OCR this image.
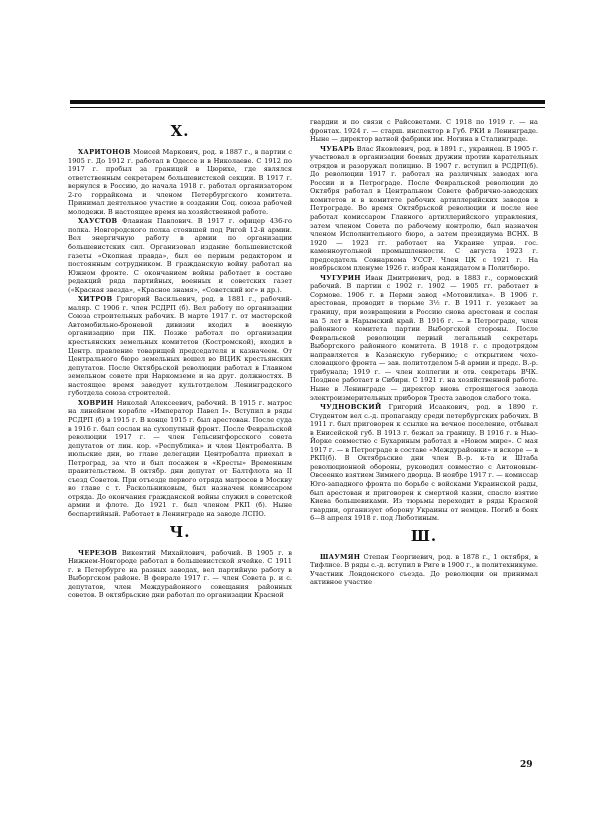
X.

ХАРИТОНОВ Моисей Маркович, род. в 1887 г., в партии с 1905 г. До 1912 г. работал в Одессе и в Николаеве. С 1912 по 1917 г. пробыл за границей в Цюрихе, где являлся ответственным секретарем большевистской секции. В 1917 г. вернулся в Россию, до начала 1918 г. работал организатором 2-го горрайкома и членом Петербургского комитета. Принимал деятельное участие в создании Соц. союза рабочей молодежи. В настоящее время на хозяйственной работе.

ХАУСТОВ Флавиан Павлович. В 1917 г. офицер 436-го полка. Новгородского полка стоявшей под Ригой 12-й армии. Вел энергичную работу в армии по организации большевистских сил. Организовал издание большевистской газеты «Окопная правда», был ее первым редактором и постоянным сотрудником. В гражданскую войну работал на Южном фронте. С окончанием войны работает в составе редакций ряда партийных, военных и советских газет («Красная звезда», «Красное знамя», «Советский юг» и др.).

ХИТРОВ Григорий Васильевич, род. в 1881 г., рабочий-маляр. С 1906 г. член РСДРП (б). Вел работу по организации Союза строительных рабочих. В марте 1917 г. от мастерской Автомобильно-броневой дивизии входил в военную организацию при ПК. Позже работал по организации крестьянских земельных комитетов (Костромской), входил в Центр. правление товарищей председателя и казначеем. От Центрального бюро земельных вошел во ВЦИК крестьянских депутатов. После Октябрьской революции работал в Главном земельном совете при Наркомземе и на друг. должностях. В настоящее время заведует культотделом Ленинградского губотдела союза строителей.

ХОВРИН Николай Алексеевич, рабочий. В 1915 г. матрос на линейном корабле «Император Павел I». Вступил в ряды РСДРП (б) в 1915 г. В конце 1915 г. был арестован. После суда в 1916 г. был сослан на сухопутный фронт. После Февральской революции 1917 г. — член Гельсингфорсского совета депутатов от лин. кор. «Республика» и член Центробалта. В июльские дни, во главе делегации Центробалта приехал в Петроград, за что и был посажен в «Кресты» Временным правительством. В октябр. дни депутат от Балтфлота на II съезд Советов. При отъезде первого отряда матросов в Москву во главе с т. Раскольниковым, был назначен комиссаром отряда. До окончания гражданской войны служил в советской армии и флоте. До 1921 г. был членом РКП (б). Ныне беспартийный. Работает в Ленинграде на заводе ЛСПО.

Ч.

ЧЕРЕЗОВ Викентий Михайлович, рабочий. В 1905 г. в Нижнем-Новгороде работал в большевистской ячейке. С 1911 г. в Петербурге на разных заводах, вел партийную работу в Выборгском районе. В феврале 1917 г. — член Совета р. и с. депутатов, член Междурайонного совещания районных советов. В октябрьские дни работал по организации Красной

гвардии и по связи с Райсоветами. С 1918 по 1919 г. — на фронтах. 1924 г. — старш. инспектор в Губ. РКИ в Ленинграде. Ныне — директор ватной фабрики им. Ногина в Сталинграде.

ЧУБАРЬ Влас Яковлевич, род. в 1891 г., украинец. В 1905 г. участвовал в организации боевых дружин против карательных отрядов и разоружал полицию. В 1907 г. вступил в РСДРП(б). До революции 1917 г. работал на различных заводах юга России и в Петрограде. После Февральской революции до Октября работал в Центральном Совете фабрично-заводских комитетов и в комитете рабочих артиллерийских заводов в Петрограде. Во время Октябрьской революции и после нее работал комиссаром Главного артиллерийского управления, затем членом Совета по рабочему контролю, был назначен членом Исполнительного бюро, а затем президиума ВСНХ. В 1920 — 1923 гг. работает на Украине управ. гос. каменноугольной промышленности. С августа 1923 г. председатель Совнаркома УССР. Член ЦК с 1921 г. На ноябрьском пленуме 1926 г. избран кандидатом в Политбюро.

ЧУГУРИН Иван Дмитриевич, род. в 1883 г., сормовский рабочий. В партии с 1902 г. 1902 — 1905 гг. работает в Сормове. 1906 г. в Перми завод «Мотовилиха». В 1906 г. арестован, проводит в тюрьме 3½ г. В 1911 г. уезжает за границу, при возвращении в Россию снова арестован и сослан на 5 лет в Нарымский край. В 1916 г. — в Петрограде, член районного комитета партии Выборгской стороны. После Февральской революции первый легальный секретарь Выборгского районного комитета. В 1918 г. с продотрядом направляется в Казанскую губернию; с открытием чехо-словацкого фронта — зав. политотделом 5-й армии и предс. В.-р. трибунала; 1919 г. — член коллегии и отв. секретарь ВЧК. Позднее работает в Сибири. С 1921 г. на хозяйственной работе. Ныне в Ленинграде — директор вновь строящегося завода электроизмерительных приборов Треста заводов слабого тока.

ЧУДНОВСКИЙ Григорий Исаакович, род. в 1890 г. Студентом вел с.-д. пропаганду среди петербургских рабочих. В 1911 г. был приговорен к ссылке на вечное поселение, отбывал в Енисейской губ. В 1913 г. бежал за границу. В 1916 г. в Нью-Йорке совместно с Бухариным работал в «Новом мире». С мая 1917 г. — в Петрограде в составе «Междурайонки» и вскоре — в РКП(б). В Октябрьские дни член В.-р. к-та и Штаба революционной обороны, руководил совместно с Антоновым-Овсеенко взятием Зимнего дворца. В ноябре 1917 г. — комиссар Юго-западного фронта по борьбе с войсками Украинской рады, был арестован и приговорен к смертной казни, спасло взятие Киева большевиками. Из тюрьмы переходит в ряды Красной гвардии, организует оборону Украины от немцев. Погиб в боях 6—8 апреля 1918 г. под Люботиным.

Ш.

ШАУМЯН Степан Георгиевич, род. в 1878 г., 1 октября, в Тифлисе. В ряды с.-д. вступил в Риге в 1900 г., в политехникуме. Участник Лондонского съезда. До революции он принимал активное участие

29
